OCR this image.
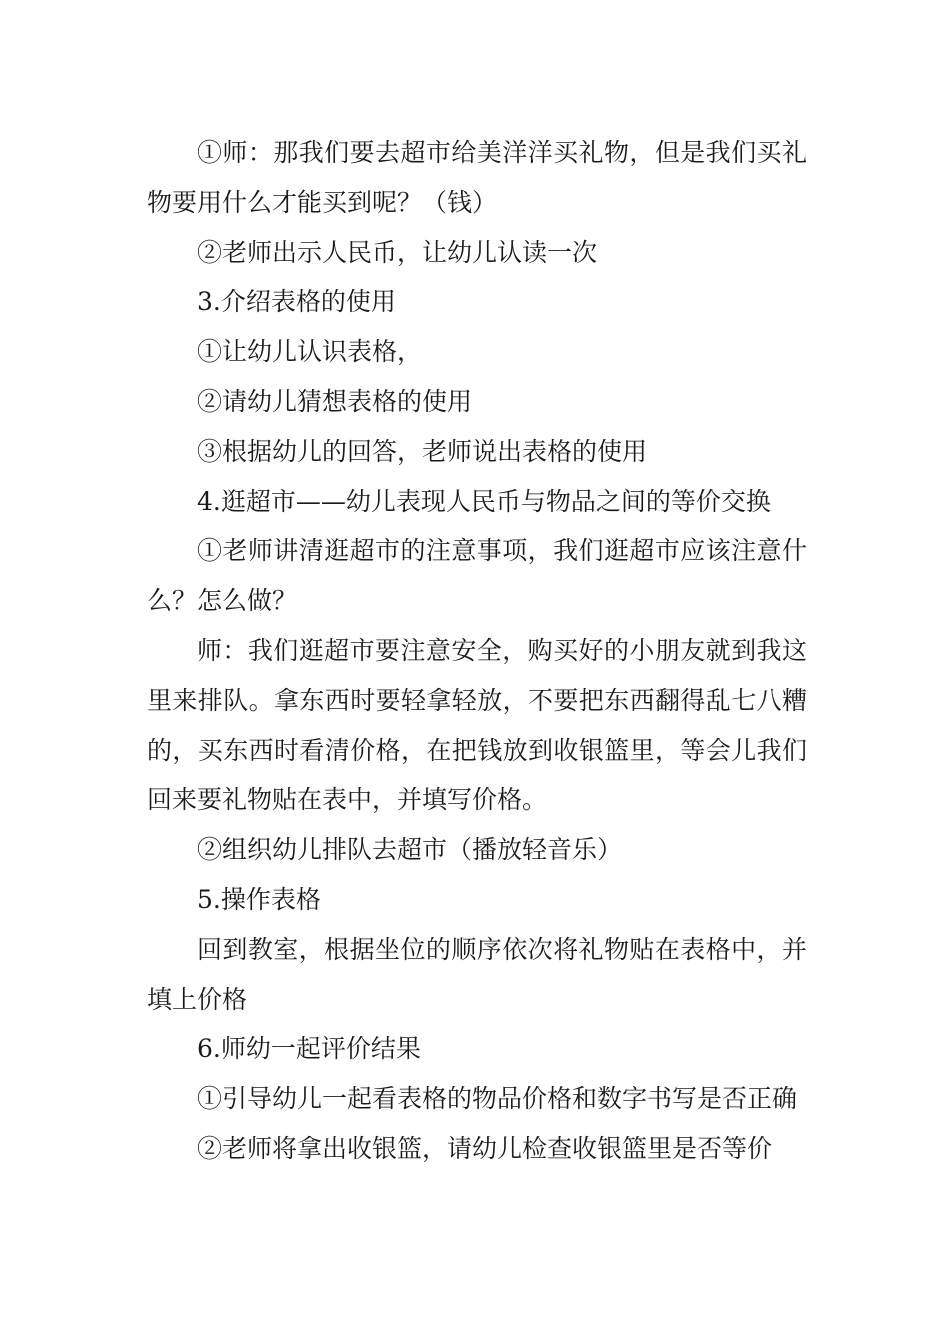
①师：那我们要去超市给美洋洋买礼物，但是我们买礼物要用什么才能买到呢？（钱）

②老师出示人民币，让幼儿认读一次

3.介绍表格的使用

①让幼儿认识表格，

②请幼儿猜想表格的使用

③根据幼儿的回答，老师说出表格的使用

4.逛超市——幼儿表现人民币与物品之间的等价交换

①老师讲清逛超市的注意事项，我们逛超市应该注意什么？怎么做？

师：我们逛超市要注意安全，购买好的小朋友就到我这里来排队。拿东西时要轻拿轻放，不要把东西翻得乱七八糟的，买东西时看清价格，在把钱放到收银篮里，等会儿我们回来要礼物贴在表中，并填写价格。

②组织幼儿排队去超市（播放轻音乐）

5.操作表格

回到教室，根据坐位的顺序依次将礼物贴在表格中，并填上价格

6.师幼一起评价结果

①引导幼儿一起看表格的物品价格和数字书写是否正确

②老师将拿出收银篮，请幼儿检查收银篮里是否等价
